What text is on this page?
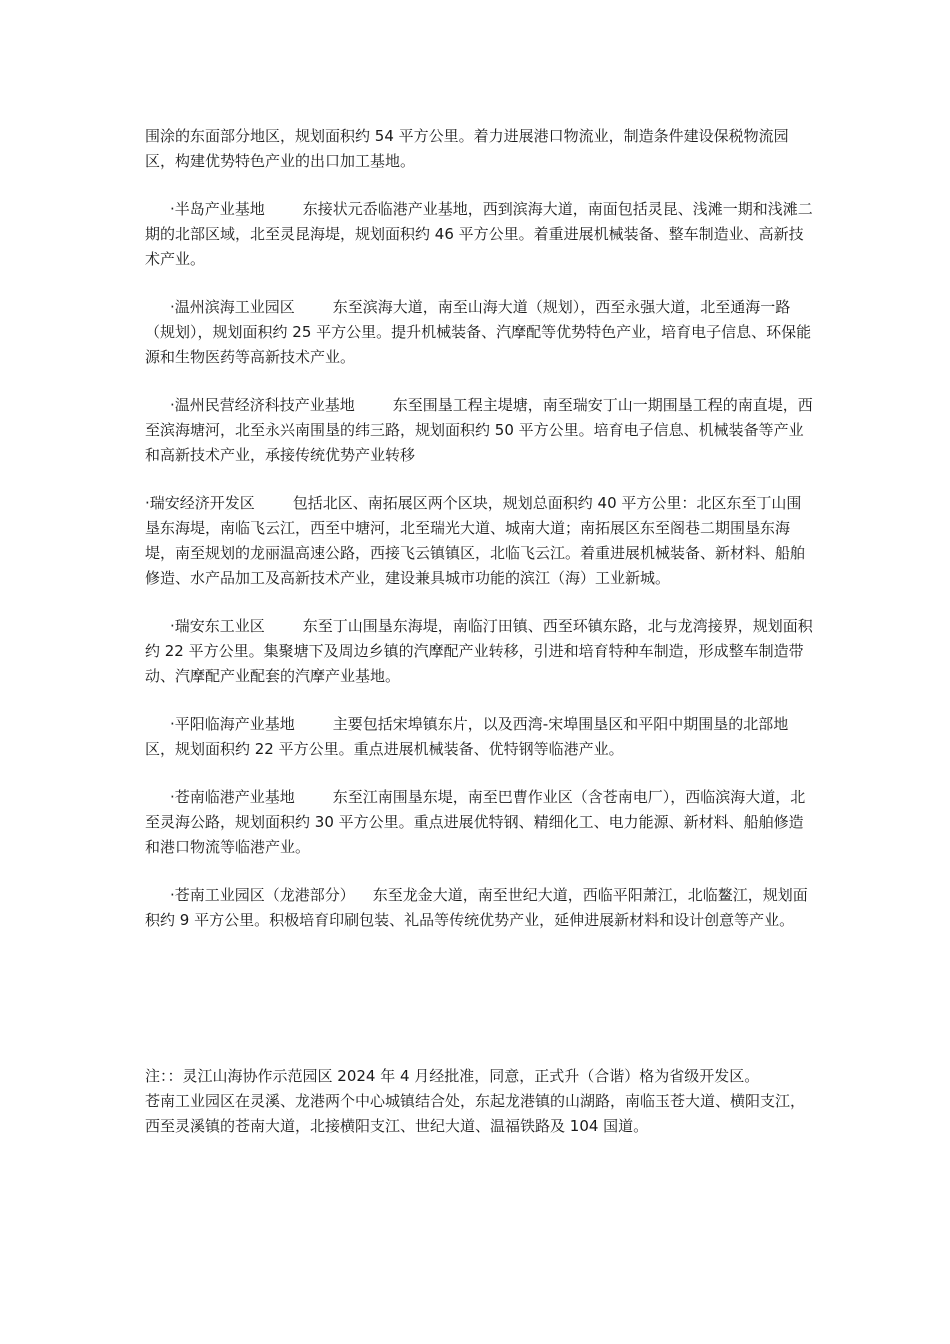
围涂的东面部分地区，规划面积约 54 平方公里。着力进展港口物流业，制造条件建设保税物流园区，构建优势特色产业的出口加工基地。

·半岛产业基地	东接状元岙临港产业基地，西到滨海大道，南面包括灵昆、浅滩一期和浅滩二期的北部区域，北至灵昆海堤，规划面积约 46 平方公里。着重进展机械装备、整车制造业、高新技术产业。

·温州滨海工业园区	东至滨海大道，南至山海大道（规划），西至永强大道，北至通海一路（规划），规划面积约 25 平方公里。提升机械装备、汽摩配等优势特色产业，培育电子信息、环保能源和生物医药等高新技术产业。

·温州民营经济科技产业基地	东至围垦工程主堤塘，南至瑞安丁山一期围垦工程的南直堤，西至滨海塘河，北至永兴南围垦的纬三路，规划面积约 50 平方公里。培育电子信息、机械装备等产业和高新技术产业，承接传统优势产业转移

·瑞安经济开发区	包括北区、南拓展区两个区块，规划总面积约 40 平方公里：北区东至丁山围垦东海堤，南临飞云江，西至中塘河，北至瑞光大道、城南大道；南拓展区东至阁巷二期围垦东海堤，南至规划的龙丽温高速公路，西接飞云镇镇区，北临飞云江。着重进展机械装备、新材料、船舶修造、水产品加工及高新技术产业，建设兼具城市功能的滨江（海）工业新城。

·瑞安东工业区	东至丁山围垦东海堤，南临汀田镇、西至环镇东路，北与龙湾接界，规划面积约 22 平方公里。集聚塘下及周边乡镇的汽摩配产业转移，引进和培育特种车制造，形成整车制造带动、汽摩配产业配套的汽摩产业基地。

·平阳临海产业基地	主要包括宋埠镇东片，以及西湾-宋埠围垦区和平阳中期围垦的北部地区，规划面积约 22 平方公里。重点进展机械装备、优特钢等临港产业。

·苍南临港产业基地	东至江南围垦东堤，南至巴曹作业区（含苍南电厂），西临滨海大道，北至灵海公路，规划面积约 30 平方公里。重点进展优特钢、精细化工、电力能源、新材料、船舶修造和港口物流等临港产业。

·苍南工业园区（龙港部分） 东至龙金大道，南至世纪大道，西临平阳萧江，北临鳌江，规划面积约 9 平方公里。积极培育印刷包装、礼品等传统优势产业，延伸进展新材料和设计创意等产业。

注：：灵江山海协作示范园区 2024 年 4 月经批准，同意，正式升（合谐）格为省级开发区。

苍南工业园区在灵溪、龙港两个中心城镇结合处，东起龙港镇的山湖路，南临玉苍大道、横阳支江，西至灵溪镇的苍南大道，北接横阳支江、世纪大道、温福铁路及 104 国道。
